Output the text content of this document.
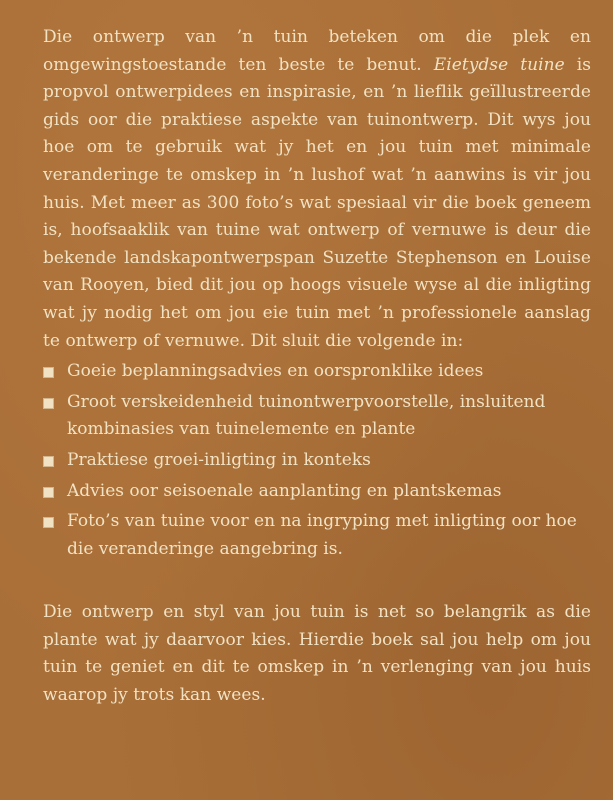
Die ontwerp van ’n tuin beteken om die plek en omgewingstoestande ten beste te benut. Eietydse tuine is propvol ontwerpidees en inspirasie, en ’n lieflik geïllustreerde gids oor die praktiese aspekte van tuinontwerp. Dit wys jou hoe om te gebruik wat jy het en jou tuin met minimale veranderinge te omskep in ’n lushof wat ’n aanwins is vir jou huis. Met meer as 300 foto’s wat spesiaal vir die boek geneem is, hoofsaaklik van tuine wat ontwerp of vernuwe is deur die bekende landskapontwerpspan Suzette Stephenson en Louise van Rooyen, bied dit jou op hoogs visuele wyse al die inligting wat jy nodig het om jou eie tuin met ’n professionele aanslag te ontwerp of vernuwe. Dit sluit die volgende in:

Goeie beplanningsadvies en oorspronklike idees
Groot verskeidenheid tuinontwerpvoorstelle, insluitend kombinasies van tuinelemente en plante
Praktiese groei-inligting in konteks
Advies oor seisoenale aanplanting en plantskemas
Foto’s van tuine voor en na ingryping met inligting oor hoe die veranderinge aangebring is.

Die ontwerp en styl van jou tuin is net so belangrik as die plante wat jy daarvoor kies. Hierdie boek sal jou help om jou tuin te geniet en dit te omskep in ’n verlenging van jou huis waarop jy trots kan wees.
